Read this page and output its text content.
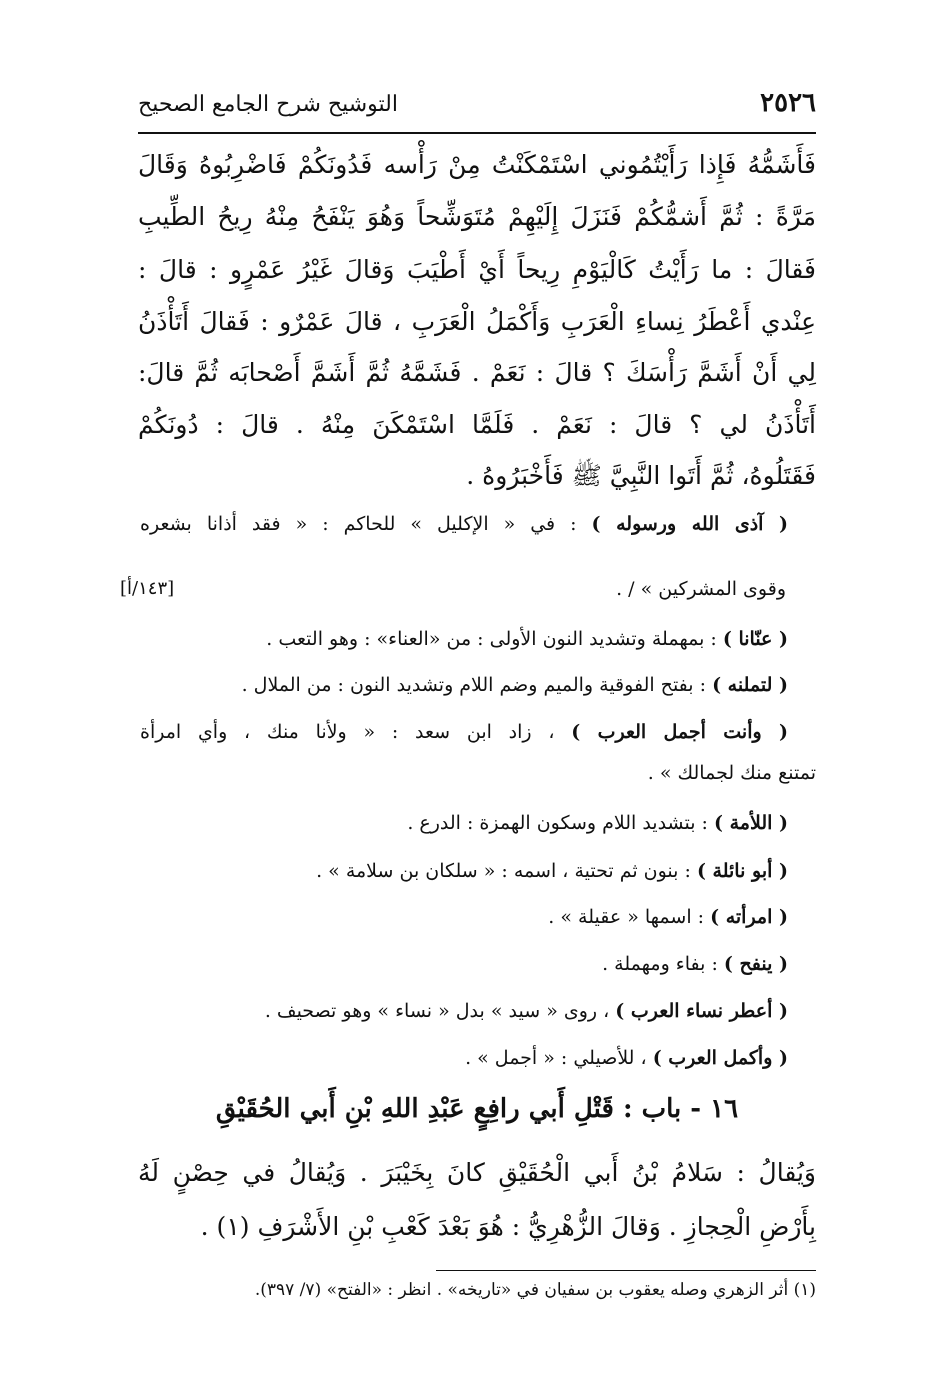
٢٥٢٦
التوشيح شرح الجامع الصحيح
فَأَشَمُّهُ فَإِذا رَأَيْتُمُوني اسْتَمْكَنْتُ مِنْ رَأْسه فَدُونَكُمْ فَاضْرِبُوهُ وَقَالَ
مَرَّةً : ثُمَّ أَشمُّكُمْ فَنَزَلَ إِلَيْهِمْ مُتَوَشِّحاً وَهُوَ يَنْفَحُ مِنْهُ رِيحُ الطِّيبِ
فَقالَ : ما رَأَيْتُ كَالْيَوْمِ رِيحاً أَيْ أَطْيَبَ وَقالَ غَيْرُ عَمْرٍو : قالَ :
عِنْدي أَعْطَرُ نِساءِ الْعَرَبِ وَأَكْمَلُ الْعَرَبِ ، قالَ عَمْرٌو : فَقالَ أَتَأْذَنُ
لِي أَنْ أَشَمَّ رَأْسَكَ ؟ قالَ : نَعَمْ . فَشَمَّهُ ثُمَّ أَشَمَّ أَصْحابَه ثُمَّ قالَ:
أَتَأْذَنُ لي ؟ قالَ : نَعَمْ . فَلَمَّا اسْتَمْكَنَ مِنْهُ . قالَ : دُونَكُمْ
فَقَتَلُوهُ، ثُمَّ أَتَوا النَّبِيَّ ﷺ فَأَخْبَرُوهُ .
( آذى الله ورسوله ) : في « الإكليل » للحاكم : « فقد أذانا بشعره
وقوى المشركين » / .
[١٤٣/أ]
( عنّانا ) : بمهملة وتشديد النون الأولى : من «العناء» : وهو التعب .
( لتملنه ) : بفتح الفوقية والميم وضم اللام وتشديد النون : من الملال .
( وأنت أجمل العرب ) ، زاد ابن سعد : « ولأنا منك ، وأي امرأة
تمتنع منك لجمالك » .
( اللأمة ) : بتشديد اللام وسكون الهمزة : الدرع .
( أبو نائلة ) : بنون ثم تحتية ، اسمه : « سلكان بن سلامة » .
( امرأته ) : اسمها « عقيلة » .
( ينفح ) : بفاء ومهملة .
( أعطر نساء العرب ) ، روى « سيد » بدل « نساء » وهو تصحيف .
( وأكمل العرب ) ، للأصيلي : « أجمل » .
١٦ - باب : قَتْلِ أَبي رافِعٍ عَبْدِ اللهِ بْنِ أَبي الحُقَيْقِ
وَيُقالُ : سَلامُ بْنُ أَبي الْحُقَيْقِ كانَ بِخَيْبَرَ . وَيُقالُ في حِصْنٍ لَهُ
بِأَرْضِ الْحِجازِ . وَقالَ الزُّهْرِيُّ : هُوَ بَعْدَ كَعْبِ بْنِ الأَشْرَفِ (١) .
(١) أثر الزهري وصله يعقوب بن سفيان في «تاريخه» . انظر : «الفتح» (٧/ ٣٩٧).
